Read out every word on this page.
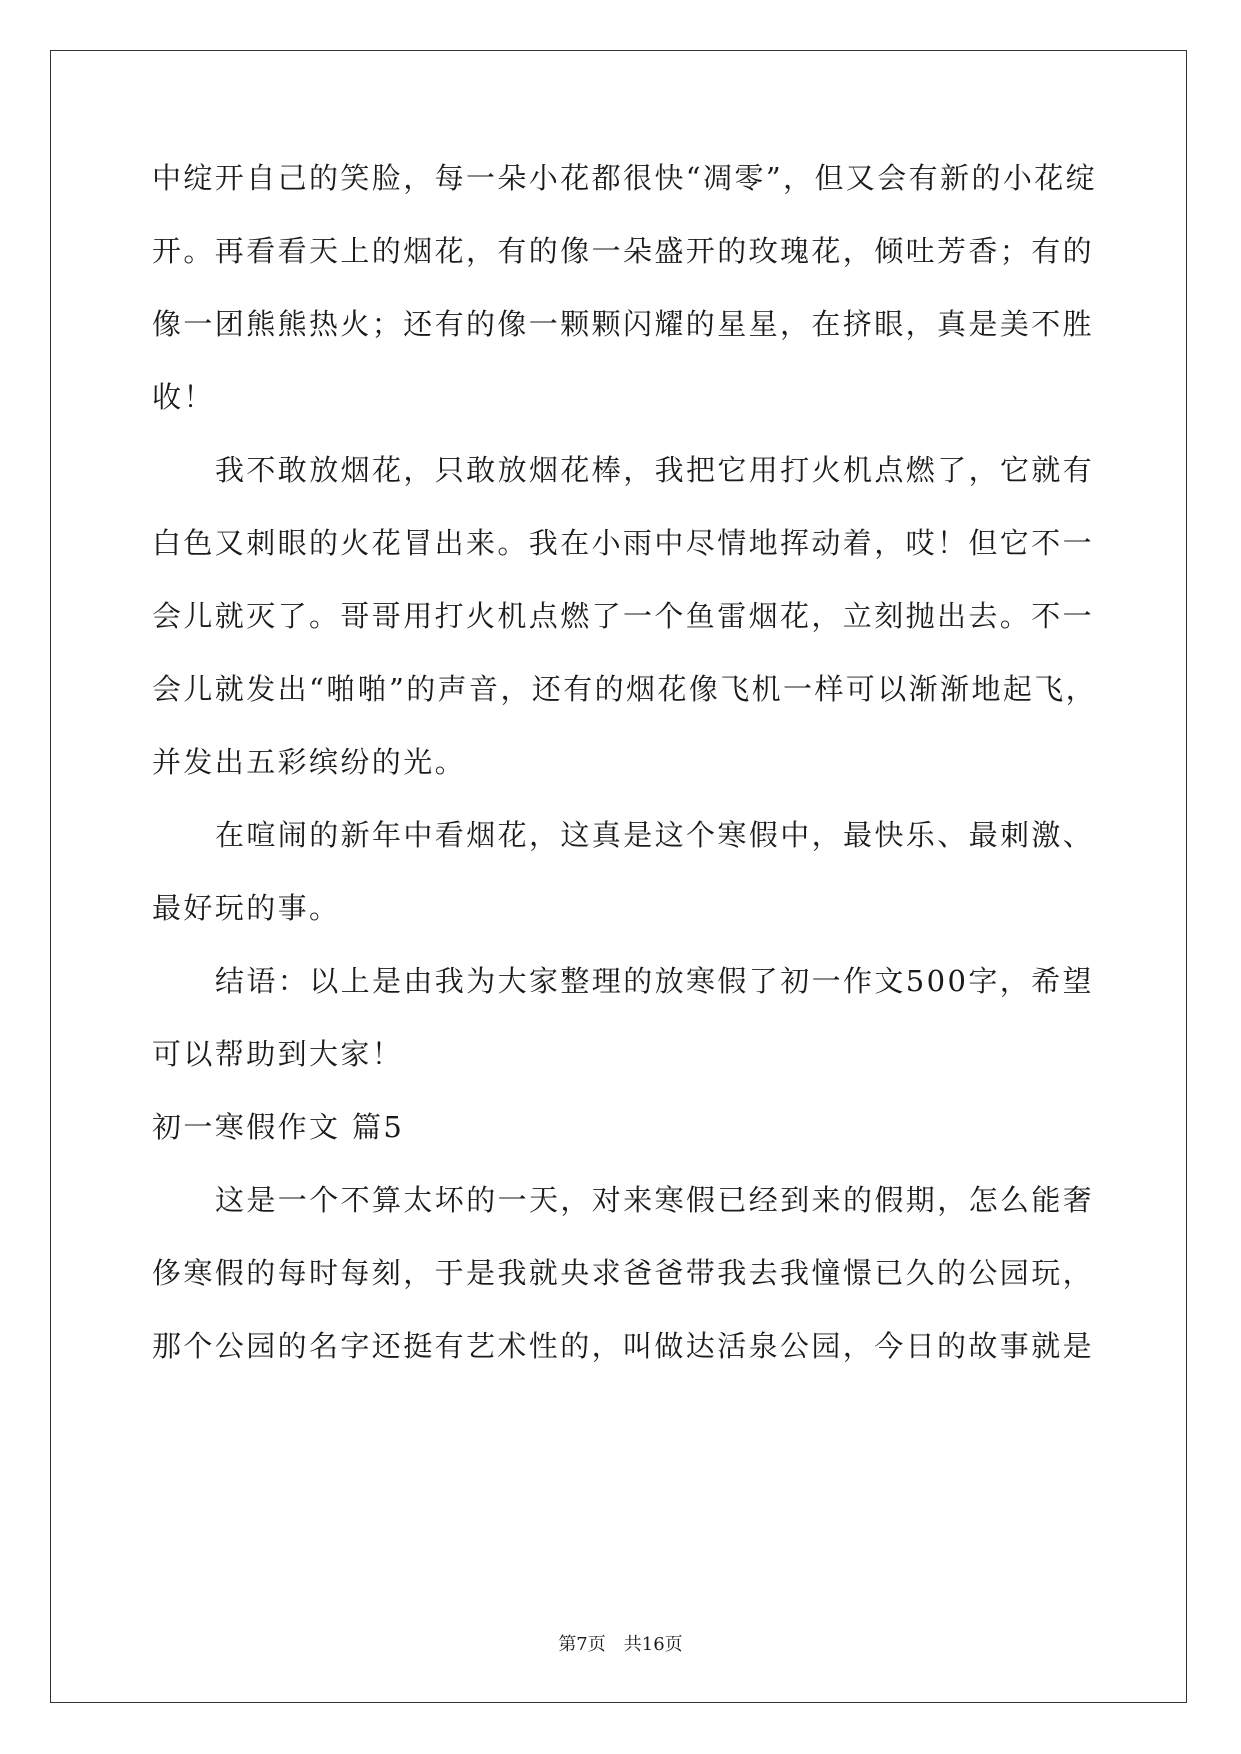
中绽开自己的笑脸，每一朵小花都很快“凋零”，但又会有新的小花绽
开。再看看天上的烟花，有的像一朵盛开的玫瑰花，倾吐芳香；有的
像一团熊熊热火；还有的像一颗颗闪耀的星星，在挤眼，真是美不胜
收！
我不敢放烟花，只敢放烟花棒，我把它用打火机点燃了，它就有
白色又刺眼的火花冒出来。我在小雨中尽情地挥动着，哎！但它不一
会儿就灭了。哥哥用打火机点燃了一个鱼雷烟花，立刻抛出去。不一
会儿就发出“啪啪”的声音，还有的烟花像飞机一样可以渐渐地起飞，
并发出五彩缤纷的光。
在喧闹的新年中看烟花，这真是这个寒假中，最快乐、最刺激、
最好玩的事。
结语：以上是由我为大家整理的放寒假了初一作文500字，希望
可以帮助到大家！
初一寒假作文 篇5
这是一个不算太坏的一天，对来寒假已经到来的假期，怎么能奢
侈寒假的每时每刻，于是我就央求爸爸带我去我憧憬已久的公园玩，
那个公园的名字还挺有艺术性的，叫做达活泉公园，今日的故事就是
第7页　共16页
